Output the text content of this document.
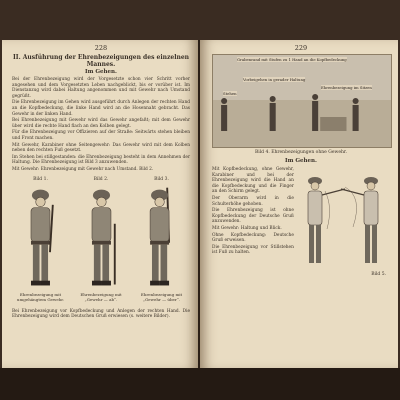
228
II. Ausführung der Ehrenbezeigungen des einzelnen Mannes.
Im Gehen.

Bei der Ehrenbezeigung wird der Vorgesetzte schon vier Schritt vorher angesehen und dem Vorgesetzten Leben nachgeblickt, bis er vorüber ist. Im Dienstanzug wird dabei Haltung angenommen und mit Gewehr nach Umstand gegrüßt.

Die Ehrenbezeigung im Gehen wird ausgeführt durch Anlegen der rechten Hand an die Kopfbedeckung, die linke Hand wird an die Hosennaht gebracht. Das Gewehr in der linken Hand.

Bei Ehrenbezeigung mit Gewehr wird das Gewehr angefaßt; mit dem Gewehr über wird die rechte Hand flach an den Kolben gelegt.

Für die Ehrenbezeigung vor Offizieren auf der Straße: Seitwärts stehen bleiben und Front machen.

Mit Gewehr, Karabiner ohne Seitengewehr: Das Gewehr wird mit dem Kolben neben den rechten Fuß gesetzt.

Im Stehen bei stillgestanden: die Ehrenbezeigung besteht in dem Annehmen der Haltung. Die Ehrenbezeigung ist Bild 3 anzuwenden.

Mit Gewehr: Ehrenbezeigung mit Gewehr nach Umstand. Bild 2.

Bild 1.
Ehrenbezeigung mit umgehängtem Gewehr.
Bild 2.
Ehrenbezeigung mit „Gewehr — ab“.
Bild 3.
Ehrenbezeigung mit „Gewehr — über“.

Bei Ehrenbezeigung vor Kopfbedeckung und Anlegen der rechten Hand. Die Ehrenbezeigung wird dem Deutschen Gruß erwiesen (s. weitere Bilder).

229
Grabenrand mit Stufen zu 1 Hand an die Kopfbedeckung
Vorbeigehen in gerader Haltung
Ehrenbezeigung im Sitzen
Stehen
Bild 4. Ehrenbezeigungen ohne Gewehr.
Im Gehen.

Mit Kopfbedeckung, ohne Gewehr, Karabiner und bei der Ehrenbezeigung wird die Hand an die Kopfbedeckung und die Finger an den Schirm gelegt.

Der Oberarm wird in die Schulterhöhe gehoben.

Die Ehrenbezeigung ist ohne Kopfbedeckung der Deutsche Gruß anzuwenden.

Mit Gewehr: Haltung und Blick.

Ohne Kopfbedeckung: Deutsche Gruß erweisen.

Die Ehrenbezeigung vor Stillstehen ist Fuß zu halten.

Bild 5.
